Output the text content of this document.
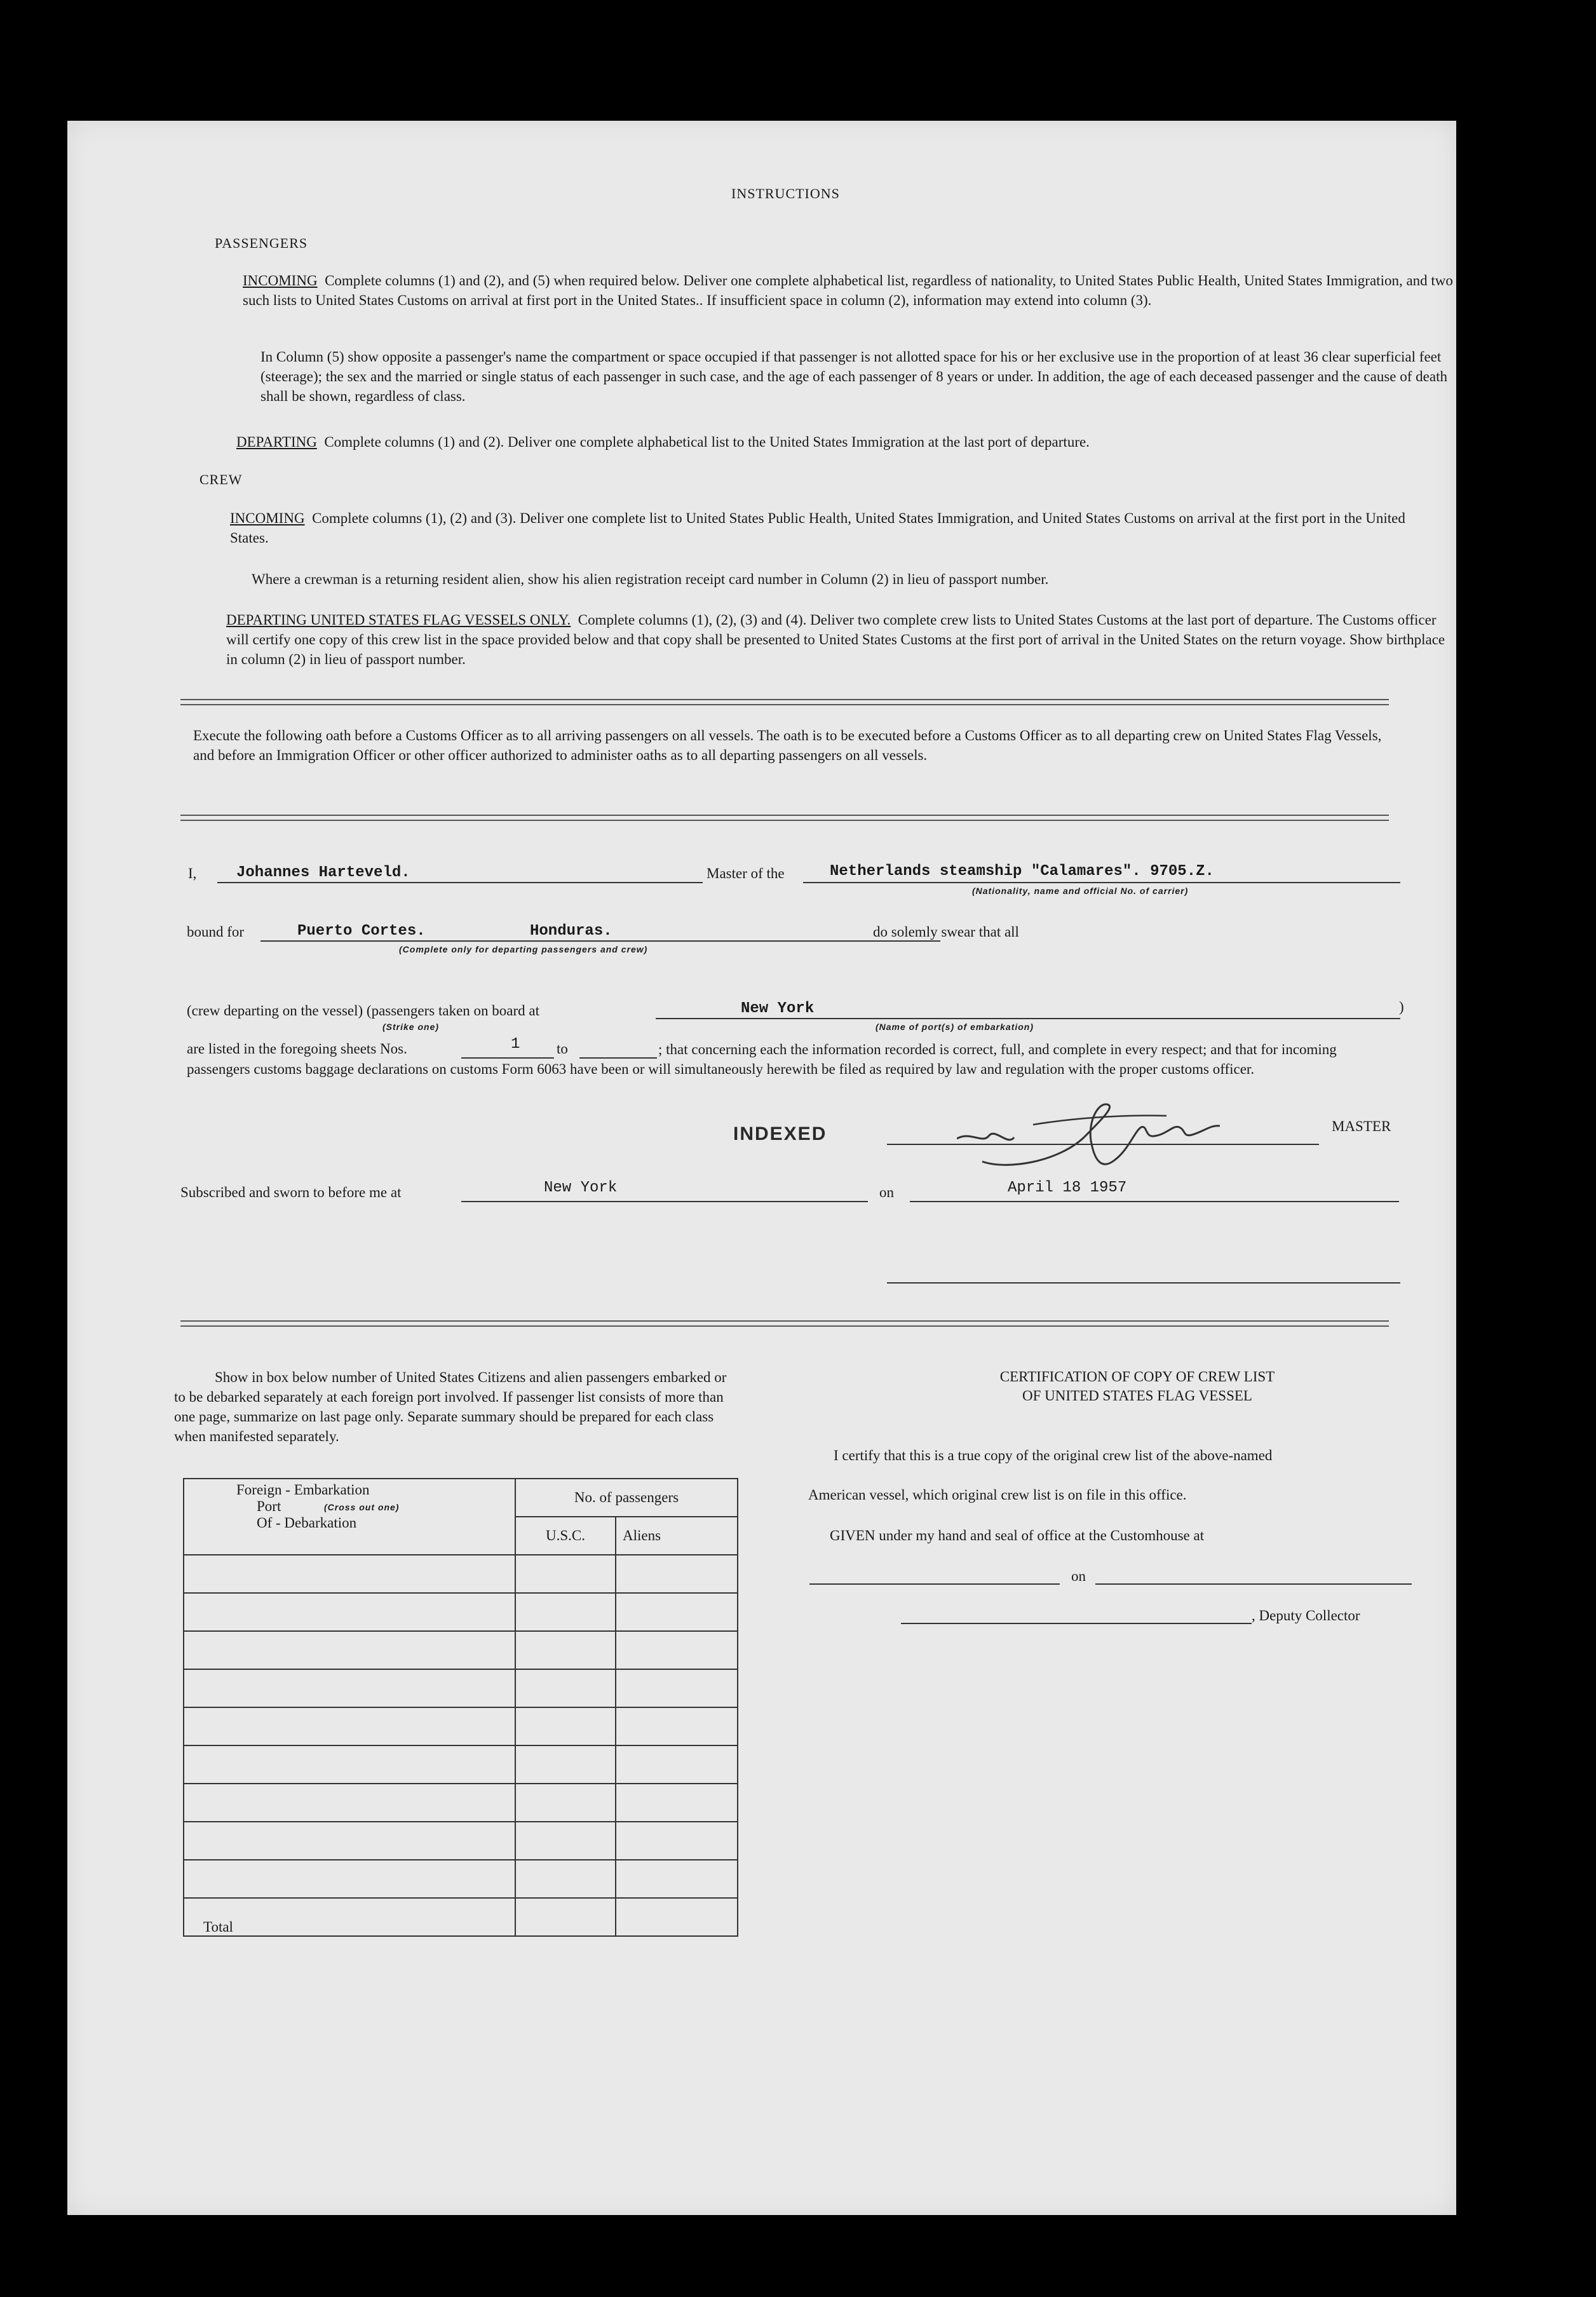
INSTRUCTIONS
PASSENGERS
INCOMING Complete columns (1) and (2), and (5) when required below. Deliver one complete alphabetical list, regardless of nationality, to United States Public Health, United States Immigration, and two such lists to United States Customs on arrival at first port in the United States.. If insufficient space in column (2), information may extend into column (3).
In Column (5) show opposite a passenger's name the compartment or space occupied if that passenger is not allotted space for his or her exclusive use in the proportion of at least 36 clear superficial feet (steerage); the sex and the married or single status of each passenger in such case, and the age of each passenger of 8 years or under. In addition, the age of each deceased passenger and the cause of death shall be shown, regardless of class.
DEPARTING Complete columns (1) and (2). Deliver one complete alphabetical list to the United States Immigration at the last port of departure.
CREW
INCOMING Complete columns (1), (2) and (3). Deliver one complete list to United States Public Health, United States Immigration, and United States Customs on arrival at the first port in the United States.
Where a crewman is a returning resident alien, show his alien registration receipt card number in Column (2) in lieu of passport number.
DEPARTING UNITED STATES FLAG VESSELS ONLY. Complete columns (1), (2), (3) and (4). Deliver two complete crew lists to United States Customs at the last port of departure. The Customs officer will certify one copy of this crew list in the space provided below and that copy shall be presented to United States Customs at the first port of arrival in the United States on the return voyage. Show birthplace in column (2) in lieu of passport number.
Execute the following oath before a Customs Officer as to all arriving passengers on all vessels. The oath is to be executed before a Customs Officer as to all departing crew on United States Flag Vessels, and before an Immigration Officer or other officer authorized to administer oaths as to all departing passengers on all vessels.
I,	Johannes Harteveld.	Master of the	Netherlands steamship "Calamares". 9705.Z.
(Nationality, name and official No. of carrier)
bound for	Puerto Cortes.	Honduras.
(Complete only for departing passengers and crew)
do solemly swear that all
(crew departing on the vessel) (passengers taken on board at
(Strike one)
New York
(Name of port(s) of embarkation)
)
are listed in the foregoing sheets Nos.	1	to	; that concerning each the information recorded is correct, full, and complete in every respect; and that for incoming passengers customs baggage declarations on customs Form 6063 have been or will simultaneously herewith be filed as required by law and regulation with the proper customs officer.
INDEXED	MASTER
Subscribed and sworn to before me at	New York	on	April 18 1957
Show in box below number of United States Citizens and alien passengers embarked or to be debarked separately at each foreign port involved. If passenger list consists of more than one page, summarize on last page only. Separate summary should be prepared for each class when manifested separately.
Foreign - Embarkation
Port (Cross out one)
Of - Debarkation	No. of passengers	
	U.S.C.	Aliens

Total		
CERTIFICATION OF COPY OF CREW LIST
OF UNITED STATES FLAG VESSEL
I certify that this is a true copy of the original crew list of the above-named
American vessel, which original crew list is on file in this office.
GIVEN under my hand and seal of office at the Customhouse at
on
, Deputy Collector
